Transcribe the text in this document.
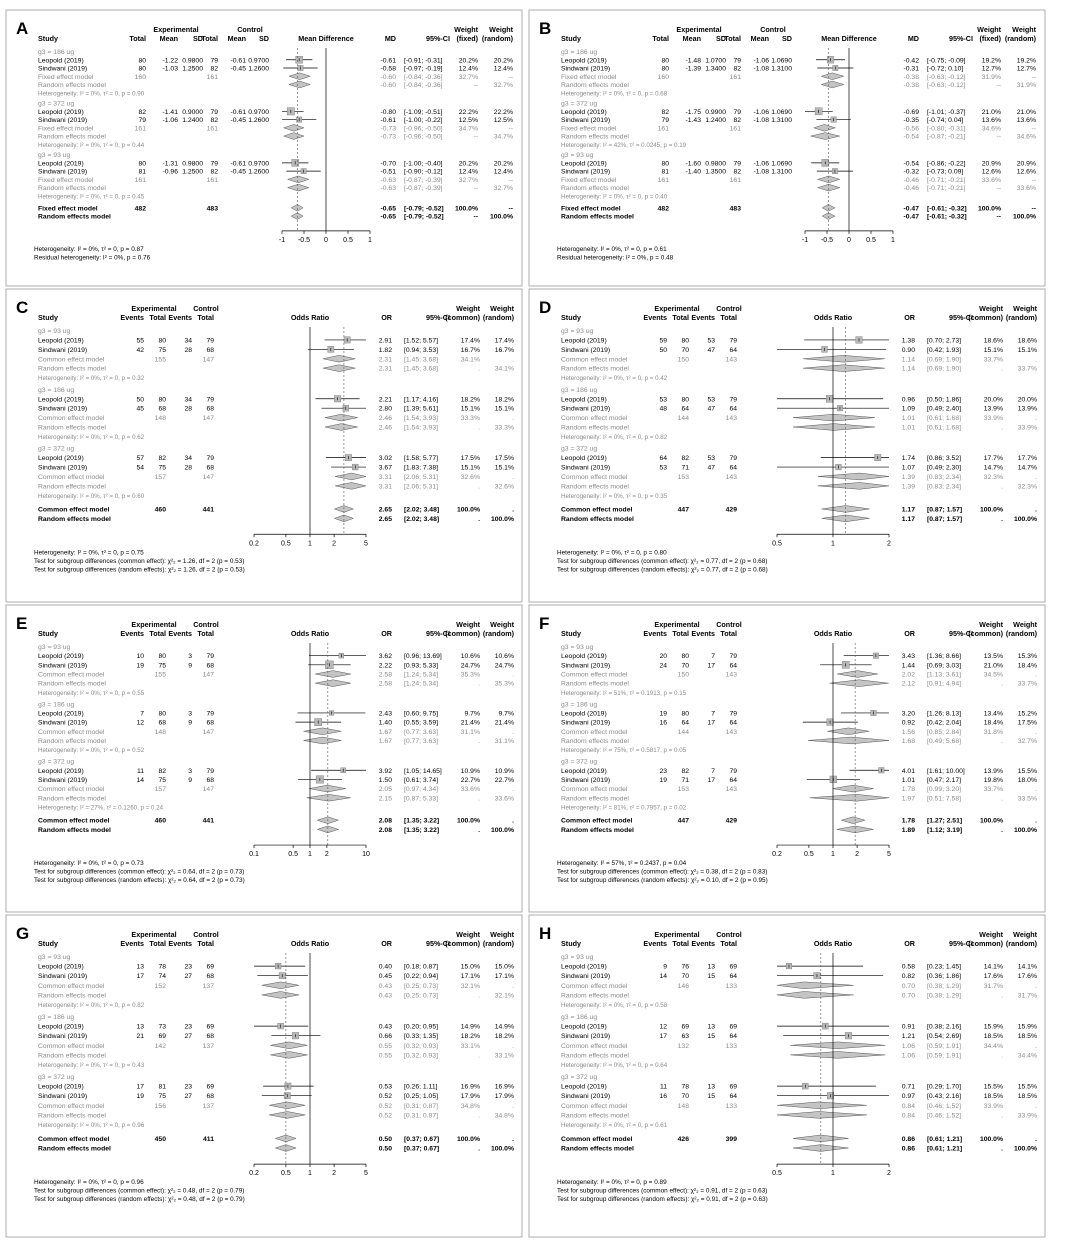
A	Experimental	Control	Weight Weight
Study	Total Mean SD
Total Mean SD	Mean Difference	MD	95%-CI (fixed) (random)
g3 = 186 ug
Leopold (2019)	80 -1.22 0.9800 79 -0.61 0.9700	-0.61 [-0.91; -0.31] 20.2% 20.2%
Sindwani (2019)	80 -1.03 1.2500 82 -0.45 1.2600	-0.58 [-0.97; -0.19] 12.4% 12.4%
Fixed effect model	160	161	-0.60 [-0.84; -0.36] 32.7%	--
Random effects model	-0.60 [-0.84; -0.36]	-- 32.7%
Heterogeneity: I² = 0%, τ² = 0, p = 0.90
g3 = 372 ug
Leopold (2019)	82 -1.41 0.9000 79 -0.61 0.9700	-0.80 [-1.09; -0.51] 22.2% 22.2%
Sindwani (2019)	79 -1.06 1.2400 82 -0.45 1.2600	-0.61 [-1.00; -0.22] 12.5% 12.5%
Fixed effect model	161	161	-0.73 [-0.96; -0.50] 34.7%	--
Random effects model	-0.73 [-0.96; -0.50]	-- 34.7%
Heterogeneity: I² = 0%, τ² = 0, p = 0.44
g3 = 93 ug
Leopold (2019)	80 -1.31 0.9800 79 -0.61 0.9700	-0.70 [-1.00; -0.40] 20.2% 20.2%
Sindwani (2019)	81 -0.96 1.2500 82 -0.45 1.2600	-0.51 [-0.90; -0.12] 12.4% 12.4%
Fixed effect model	161	161	-0.63 [-0.87; -0.39] 32.7%	--
Random effects model	-0.63 [-0.87; -0.39]	-- 32.7%
Heterogeneity: I² = 0%, τ² = 0, p = 0.45
Fixed effect model	482	483	-0.65 [-0.79; -0.52] 100.0%	--
Random effects model	-0.65 [-0.79; -0.52]	-- 100.0%
-1 -0.5 0 0.5 1
Heterogeneity: I² = 0%, τ² = 0, p = 0.87
Residual heterogeneity: I² = 0%, p = 0.76
B	Experimental	Control	Weight Weight
Study	Total Mean SD
Total Mean SD	Mean Difference	MD	95%-CI (fixed) (random)
g3 = 186 ug
Leopold (2019)	80 -1.48 1.0700 79 -1.06 1.0690	-0.42 [-0.75; -0.09] 19.2% 19.2%
Sindwani (2019)	80 -1.39 1.3400 82 -1.08 1.3100	-0.31 [-0.72; 0.10]	12.7% 12.7%
Fixed effect model	160	161	-0.38 [-0.63; -0.12] 31.9%	--
Random effects model	-0.38 [-0.63; -0.12]	-- 31.9%
Heterogeneity: I² = 0%, τ² = 0, p = 0.68
g3 = 372 ug
Leopold (2019)	82 -1.75 0.9900 79 -1.06 1.0690	-0.69 [-1.01; -0.37] 21.0% 21.0%
Sindwani (2019)	79 -1.43 1.2400 82 -1.08 1.3100	-0.35 [-0.74; 0.04]	13.6% 13.6%
Fixed effect model	161	161	-0.56 [-0.80; -0.31] 34.6%	--
Random effects model	-0.54 [-0.87; -0.21]	-- 34.6%
Heterogeneity: I² = 42%, τ² = 0.0245, p = 0.19
g3 = 93 ug
Leopold (2019)	80 -1.60 0.9800 79 -1.06 1.0690	-0.54 [-0.86; -0.22] 20.9% 20.9%
Sindwani (2019)	81 -1.40 1.3500 82 -1.08 1.3100	-0.32 [-0.73; 0.09]	12.6% 12.6%
Fixed effect model	161	161	-0.46 [-0.71; -0.21] 33.6%	--
Random effects model	-0.46 [-0.71; -0.21]	-- 33.6%
Heterogeneity: I² = 0%, τ² = 0, p = 0.40
Fixed effect model	482	483	-0.47 [-0.61; -0.32] 100.0%	--
Random effects model	-0.47 [-0.61; -0.32]	-- 100.0%
-1 -0.5 0 0.5 1
Heterogeneity: I² = 0%, τ² = 0, p = 0.61
Residual heterogeneity: I² = 0%, p = 0.48
C	Experimental Control	Weight Weight
Study	Events Total Events Total	Odds Ratio	OR	95%-CI
(common) (random)
g3 = 93 ug
Leopold (2019)	55 80	34 79	2.91 [1.52; 5.57]	17.4% 17.4%
Sindwani (2019)	42 75	28 68	1.82 [0.94; 3.53]	16.7% 16.7%
Common effect model	155	147	2.31 [1.45; 3.68]	34.1%	.
Random effects model	2.31 [1.45; 3.68]	. 34.1%
Heterogeneity: I² = 0%, τ² = 0, p = 0.32
g3 = 186 ug
Leopold (2019)	50 80	34 79	2.21 [1.17; 4.16]	18.2% 18.2%
Sindwani (2019)	45 68	28 68	2.80 [1.39; 5.61]	15.1% 15.1%
Common effect model	148	147	2.46 [1.54; 3.93]	33.3%	.
Random effects model	2.46 [1.54; 3.93]	. 33.3%
Heterogeneity: I² = 0%, τ² = 0, p = 0.62
g3 = 372 ug
Leopold (2019)	57 82	34 79	3.02 [1.58; 5.77]	17.5% 17.5%
Sindwani (2019)	54 75	28 68	3.67 [1.83; 7.38]	15.1% 15.1%
Common effect model	157	147	3.31 [2.06; 5.31]	32.6%	.
Random effects model	3.31 [2.06; 5.31]	. 32.6%
Heterogeneity: I² = 0%, τ² = 0, p = 0.60
Common effect model	460	441	2.65 [2.02; 3.48]	100.0%	.
Random effects model	2.65 [2.02; 3.48]	. 100.0%
0.2	0.5 1	2	5
Heterogeneity: I² = 0%, τ² = 0, p = 0.75
Test for subgroup differences (common effect): χ²₂ = 1.26, df = 2 (p = 0.53)
Test for subgroup differences (random effects): χ²₂ = 1.26, df = 2 (p = 0.53)
D	Experimental Control	Weight Weight
Study	Events Total Events Total	Odds Ratio	OR	95%-CI
(common) (random)
g3 = 93 ug
Leopold (2019)	59 80	53 79	1.38 [0.70; 2.73]	18.6% 18.6%
Sindwani (2019)	50 70	47 64	0.90 [0.42; 1.93]	15.1% 15.1%
Common effect model	150	143	1.14 [0.69; 1.90]	33.7%	.
Random effects model	1.14 [0.69; 1.90]	. 33.7%
Heterogeneity: I² = 0%, τ² = 0, p = 0.42
g3 = 186 ug
Leopold (2019)	53 80	53 79	0.96 [0.50; 1.86]	20.0% 20.0%
Sindwani (2019)	48 64	47 64	1.09 [0.49; 2.40]	13.9% 13.9%
Common effect model	144	143	1.01 [0.61; 1.68]	33.9%	.
Random effects model	1.01 [0.61; 1.68]	. 33.9%
Heterogeneity: I² = 0%, τ² = 0, p = 0.82
g3 = 372 ug
Leopold (2019)	64 82	53 79	1.74 [0.86; 3.52]	17.7% 17.7%
Sindwani (2019)	53 71	47 64	1.07 [0.49; 2.30]	14.7% 14.7%
Common effect model	153	143	1.39 [0.83; 2.34]	32.3%	.
Random effects model	1.39 [0.83; 2.34]	. 32.3%
Heterogeneity: I² = 0%, τ² = 0, p = 0.35
Common effect model	447	429	1.17 [0.87; 1.57]	100.0%	.
Random effects model	1.17 [0.87; 1.57]	. 100.0%
0.5	1	2
Heterogeneity: I² = 0%, τ² = 0, p = 0.80
Test for subgroup differences (common effect): χ²₂ = 0.77, df = 2 (p = 0.68)
Test for subgroup differences (random effects): χ²₂ = 0.77, df = 2 (p = 0.68)
E	Experimental Control	Weight Weight
Study	Events Total Events Total	Odds Ratio	OR	95%-CI
(common) (random)
g3 = 93 ug
Leopold (2019)	10 80	3 79	3.62 [0.96; 13.69]	10.6% 10.6%
Sindwani (2019)	19 75	9 68	2.22 [0.93; 5.33]	24.7% 24.7%
Common effect model	155	147	2.58 [1.24; 5.34]	35.3%	.
Random effects model	2.58 [1.24; 5.34]	. 35.3%
Heterogeneity: I² = 0%, τ² = 0, p = 0.55
g3 = 186 ug
Leopold (2019)	7 80	3 79	2.43 [0.60; 9.75]	9.7%	9.7%
Sindwani (2019)	12 68	9 68	1.40 [0.55; 3.59]	21.4% 21.4%
Common effect model	148	147	1.67 [0.77; 3.63]	31.1%	.
Random effects model	1.67 [0.77; 3.63]	. 31.1%
Heterogeneity: I² = 0%, τ² = 0, p = 0.52
g3 = 372 ug
Leopold (2019)	11 82	3 79	3.92 [1.05; 14.65]	10.9% 10.9%
Sindwani (2019)	14 75	9 68	1.50 [0.61; 3.74]	22.7% 22.7%
Common effect model	157	147	2.05 [0.97; 4.34]	33.6%	.
Random effects model	2.15 [0.87; 5.33]	. 33.6%
Heterogeneity: I² = 27%, τ² = 0.1260, p = 0.24
Common effect model	460	441	2.08 [1.35; 3.22]	100.0%	.
Random effects model	2.08 [1.35; 3.22]	. 100.0%
0.1	0.5 1 2	10
Heterogeneity: I² = 0%, τ² = 0, p = 0.73
Test for subgroup differences (common effect): χ²₂ = 0.64, df = 2 (p = 0.73)
Test for subgroup differences (random effects): χ²₂ = 0.64, df = 2 (p = 0.73)
F	Experimental Control	Weight Weight
Study	Events Total Events Total	Odds Ratio	OR	95%-CI
(common) (random)
g3 = 93 ug
Leopold (2019)	20 80	7 79	3.43 [1.36; 8.66]	13.5% 15.3%
Sindwani (2019)	24 70	17 64	1.44 [0.69; 3.03]	21.0% 18.4%
Common effect model	150	143	2.02 [1.13; 3.61]	34.5%	.
Random effects model	2.12 [0.91; 4.94]	. 33.7%
Heterogeneity: I² = 51%, τ² = 0.1913, p = 0.15
g3 = 186 ug
Leopold (2019)	19 80	7 79	3.20 [1.26; 8.13]	13.4% 15.2%
Sindwani (2019)	16 64	17 64	0.92 [0.42; 2.04]	18.4% 17.5%
Common effect model	144	143	1.56 [0.85; 2.84]	31.8%	.
Random effects model	1.68 [0.49; 5.68]	. 32.7%
Heterogeneity: I² = 75%, τ² = 0.5817, p = 0.05
g3 = 372 ug
Leopold (2019)	23 82	7 79	4.01 [1.61; 10.00]	13.9% 15.5%
Sindwani (2019)	19 71	17 64	1.01 [0.47; 2.17]	19.8% 18.0%
Common effect model	153	143	1.78 [0.99; 3.20]	33.7%	.
Random effects model	1.97 [0.51; 7.58]	. 33.5%
Heterogeneity: I² = 81%, τ² = 0.7957, p = 0.02
Common effect model	447	429	1.78 [1.27; 2.51]	100.0%	.
Random effects model	1.89 [1.12; 3.19]	. 100.0%
0.2	0.5 1	2	5
Heterogeneity: I² = 57%, τ² = 0.2437, p = 0.04
Test for subgroup differences (common effect): χ²₂ = 0.38, df = 2 (p = 0.83)
Test for subgroup differences (random effects): χ²₂ = 0.10, df = 2 (p = 0.95)
G	Experimental Control	Weight Weight
Study	Events Total Events Total	Odds Ratio	OR	95%-CI
(common) (random)
g3 = 93 ug
Leopold (2019)	13 78	23 69	0.40 [0.18; 0.87]	15.0% 15.0%
Sindwani (2019)	17 74	27 68	0.45 [0.22; 0.94]	17.1% 17.1%
Common effect model	152	137	0.43 [0.25; 0.73]	32.1%	.
Random effects model	0.43 [0.25; 0.73]	. 32.1%
Heterogeneity: I² = 0%, τ² = 0, p = 0.82
g3 = 186 ug
Leopold (2019)	13 73	23 69	0.43 [0.20; 0.95]	14.9% 14.9%
Sindwani (2019)	21 69	27 68	0.66 [0.33; 1.35]	18.2% 18.2%
Common effect model	142	137	0.55 [0.32; 0.93]	33.1%	.
Random effects model	0.55 [0.32; 0.93]	. 33.1%
Heterogeneity: I² = 0%, τ² = 0, p = 0.43
g3 = 372 ug
Leopold (2019)	17 81	23 69	0.53 [0.26; 1.11]	16.9% 16.9%
Sindwani (2019)	19 75	27 68	0.52 [0.25; 1.05]	17.9% 17.9%
Common effect model	156	137	0.52 [0.31; 0.87]	34.8%	.
Random effects model	0.52 [0.31; 0.87]	. 34.8%
Heterogeneity: I² = 0%, τ² = 0, p = 0.96
Common effect model	450	411	0.50 [0.37; 0.67]	100.0%	.
Random effects model	0.50 [0.37; 0.67]	. 100.0%
0.2	0.5 1	2	5
Heterogeneity: I² = 0%, τ² = 0, p = 0.96
Test for subgroup differences (common effect): χ²₂ = 0.48, df = 2 (p = 0.79)
Test for subgroup differences (random effects): χ²₂ = 0.48, df = 2 (p = 0.79)
H	Experimental Control	Weight Weight
Study	Events Total Events Total	Odds Ratio	OR	95%-CI
(common) (random)
g3 = 93 ug
Leopold (2019)	9 76	13 69	0.58 [0.23; 1.45]	14.1% 14.1%
Sindwani (2019)	14 70	15 64	0.82 [0.36; 1.86]	17.6% 17.6%
Common effect model	146	133	0.70 [0.38; 1.29]	31.7%	.
Random effects model	0.70 [0.38; 1.29]	. 31.7%
Heterogeneity: I² = 0%, τ² = 0, p = 0.58
g3 = 186 ug
Leopold (2019)	12 69	13 69	0.91 [0.38; 2.16]	15.9% 15.9%
Sindwani (2019)	17 63	15 64	1.21 [0.54; 2.69]	18.5% 18.5%
Common effect model	132	133	1.06 [0.59; 1.91]	34.4%	.
Random effects model	1.06 [0.59; 1.91]	. 34.4%
Heterogeneity: I² = 0%, τ² = 0, p = 0.64
g3 = 372 ug
Leopold (2019)	11 78	13 69	0.71 [0.29; 1.70]	15.5% 15.5%
Sindwani (2019)	16 70	15 64	0.97 [0.43; 2.16]	18.5% 18.5%
Common effect model	148	133	0.84 [0.46; 1.52]	33.9%	.
Random effects model	0.84 [0.46; 1.52]	. 33.9%
Heterogeneity: I² = 0%, τ² = 0, p = 0.61
Common effect model	426	399	0.86 [0.61; 1.21]	100.0%	.
Random effects model	0.86 [0.61; 1.21]	. 100.0%
0.5	1	2
Heterogeneity: I² = 0%, τ² = 0, p = 0.89
Test for subgroup differences (common effect): χ²₂ = 0.91, df = 2 (p = 0.63)
Test for subgroup differences (random effects): χ²₂ = 0.91, df = 2 (p = 0.63)
